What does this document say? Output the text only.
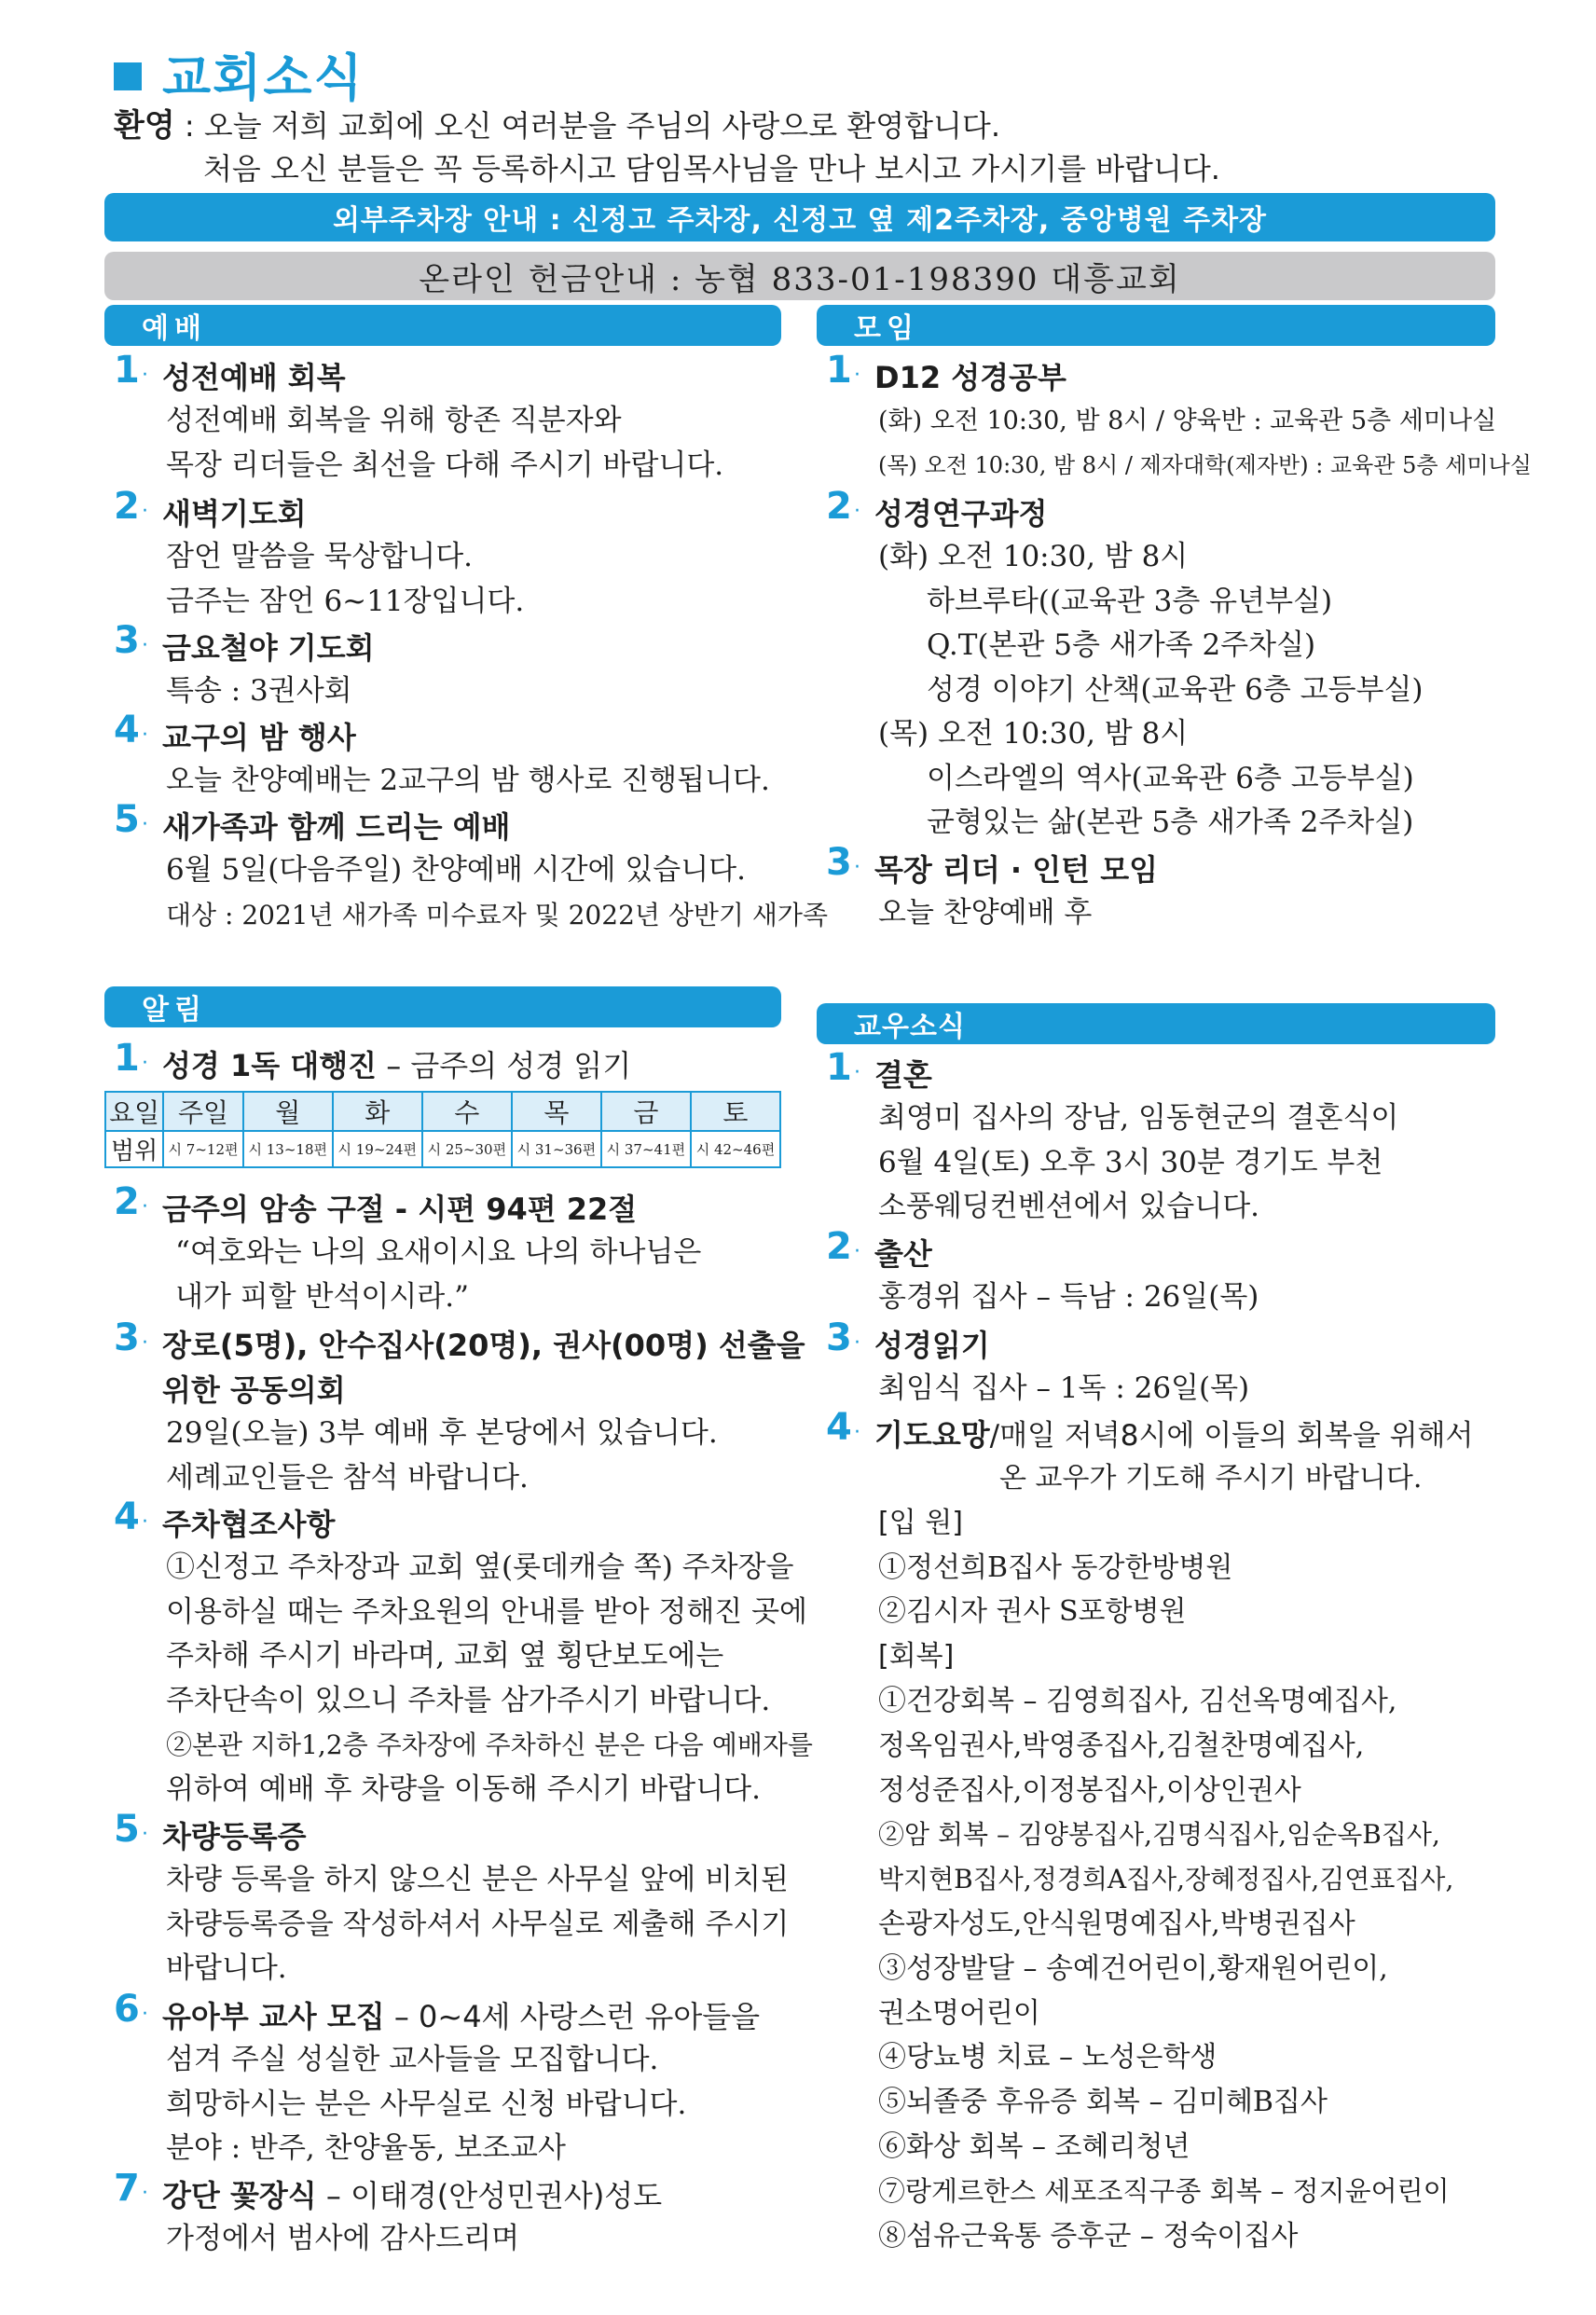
교회소식
환영 : 오늘 저희 교회에 오신 여러분을 주님의 사랑으로 환영합니다.
처음 오신 분들은 꼭 등록하시고 담임목사님을 만나 보시고 가시기를 바랍니다.
외부주차장 안내 : 신정고 주차장, 신정고 옆 제2주차장, 중앙병원 주차장
온라인 헌금안내 : 농협 833-01-198390 대흥교회
예배
1 · 성전예배 회복
성전예배 회복을 위해 항존 직분자와
목장 리더들은 최선을 다해 주시기 바랍니다.
2 · 새벽기도회
잠언 말씀을 묵상합니다.
금주는 잠언 6~11장입니다.
3 · 금요철야 기도회
특송 : 3권사회
4 · 교구의 밤 행사
오늘 찬양예배는 2교구의 밤 행사로 진행됩니다.
5 · 새가족과 함께 드리는 예배
6월 5일(다음주일) 찬양예배 시간에 있습니다.
대상 : 2021년 새가족 미수료자 및 2022년 상반기 새가족
모임
1 · D12 성경공부
(화) 오전 10:30, 밤 8시 / 양육반 : 교육관 5층 세미나실
(목) 오전 10:30, 밤 8시 / 제자대학(제자반) : 교육관 5층 세미나실
2 · 성경연구과정
(화) 오전 10:30, 밤 8시
하브루타((교육관 3층 유년부실)
Q.T(본관 5층 새가족 2주차실)
성경 이야기 산책(교육관 6층 고등부실)
(목) 오전 10:30, 밤 8시
이스라엘의 역사(교육관 6층 고등부실)
균형있는 삶(본관 5층 새가족 2주차실)
3 · 목장 리더 · 인턴 모임
오늘 찬양예배 후
알림
1 · 성경 1독 대행진 – 금주의 성경 읽기
요일	주일	월	화	수	목	금	토
범위	시 7~12편	시 13~18편	시 19~24편	시 25~30편	시 31~36편	시 37~41편	시 42~46편
2 · 금주의 암송 구절 - 시편 94편 22절
“여호와는 나의 요새이시요 나의 하나님은
내가 피할 반석이시라.”
3 · 장로(5명), 안수집사(20명), 권사(00명) 선출을
위한 공동의회
29일(오늘) 3부 예배 후 본당에서 있습니다.
세례교인들은 참석 바랍니다.
4 · 주차협조사항
①신정고 주차장과 교회 옆(롯데캐슬 쪽) 주차장을
이용하실 때는 주차요원의 안내를 받아 정해진 곳에
주차해 주시기 바라며, 교회 옆 횡단보도에는
주차단속이 있으니 주차를 삼가주시기 바랍니다.
②본관 지하1,2층 주차장에 주차하신 분은 다음 예배자를
위하여 예배 후 차량을 이동해 주시기 바랍니다.
5 · 차량등록증
차량 등록을 하지 않으신 분은 사무실 앞에 비치된
차량등록증을 작성하셔서 사무실로 제출해 주시기
바랍니다.
6 · 유아부 교사 모집 – 0~4세 사랑스런 유아들을
섬겨 주실 성실한 교사들을 모집합니다.
희망하시는 분은 사무실로 신청 바랍니다.
분야 : 반주, 찬양율동, 보조교사
7 · 강단 꽃장식 – 이태경(안성민권사)성도
가정에서 범사에 감사드리며
교우소식
1 · 결혼
최영미 집사의 장남, 임동현군의 결혼식이
6월 4일(토) 오후 3시 30분 경기도 부천
소풍웨딩컨벤션에서 있습니다.
2 · 출산
홍경위 집사 – 득남 : 26일(목)
3 · 성경읽기
최임식 집사 – 1독 : 26일(목)
4 · 기도요망/매일 저녁8시에 이들의 회복을 위해서
온 교우가 기도해 주시기 바랍니다.
[입 원]
①정선희B집사 동강한방병원
②김시자 권사 S포항병원
[회복]
①건강회복 – 김영희집사, 김선옥명예집사,
정옥임권사,박영종집사,김철찬명예집사,
정성준집사,이정봉집사,이상인권사
②암 회복 – 김양봉집사,김명식집사,임순옥B집사,
박지현B집사,정경희A집사,장혜정집사,김연표집사,
손광자성도,안식원명예집사,박병권집사
③성장발달 – 송예건어린이,황재원어린이,
권소명어린이
④당뇨병 치료 – 노성은학생
⑤뇌졸중 후유증 회복 – 김미혜B집사
⑥화상 회복 – 조혜리청년
⑦랑게르한스 세포조직구종 회복 – 정지윤어린이
⑧섬유근육통 증후군 – 정숙이집사
